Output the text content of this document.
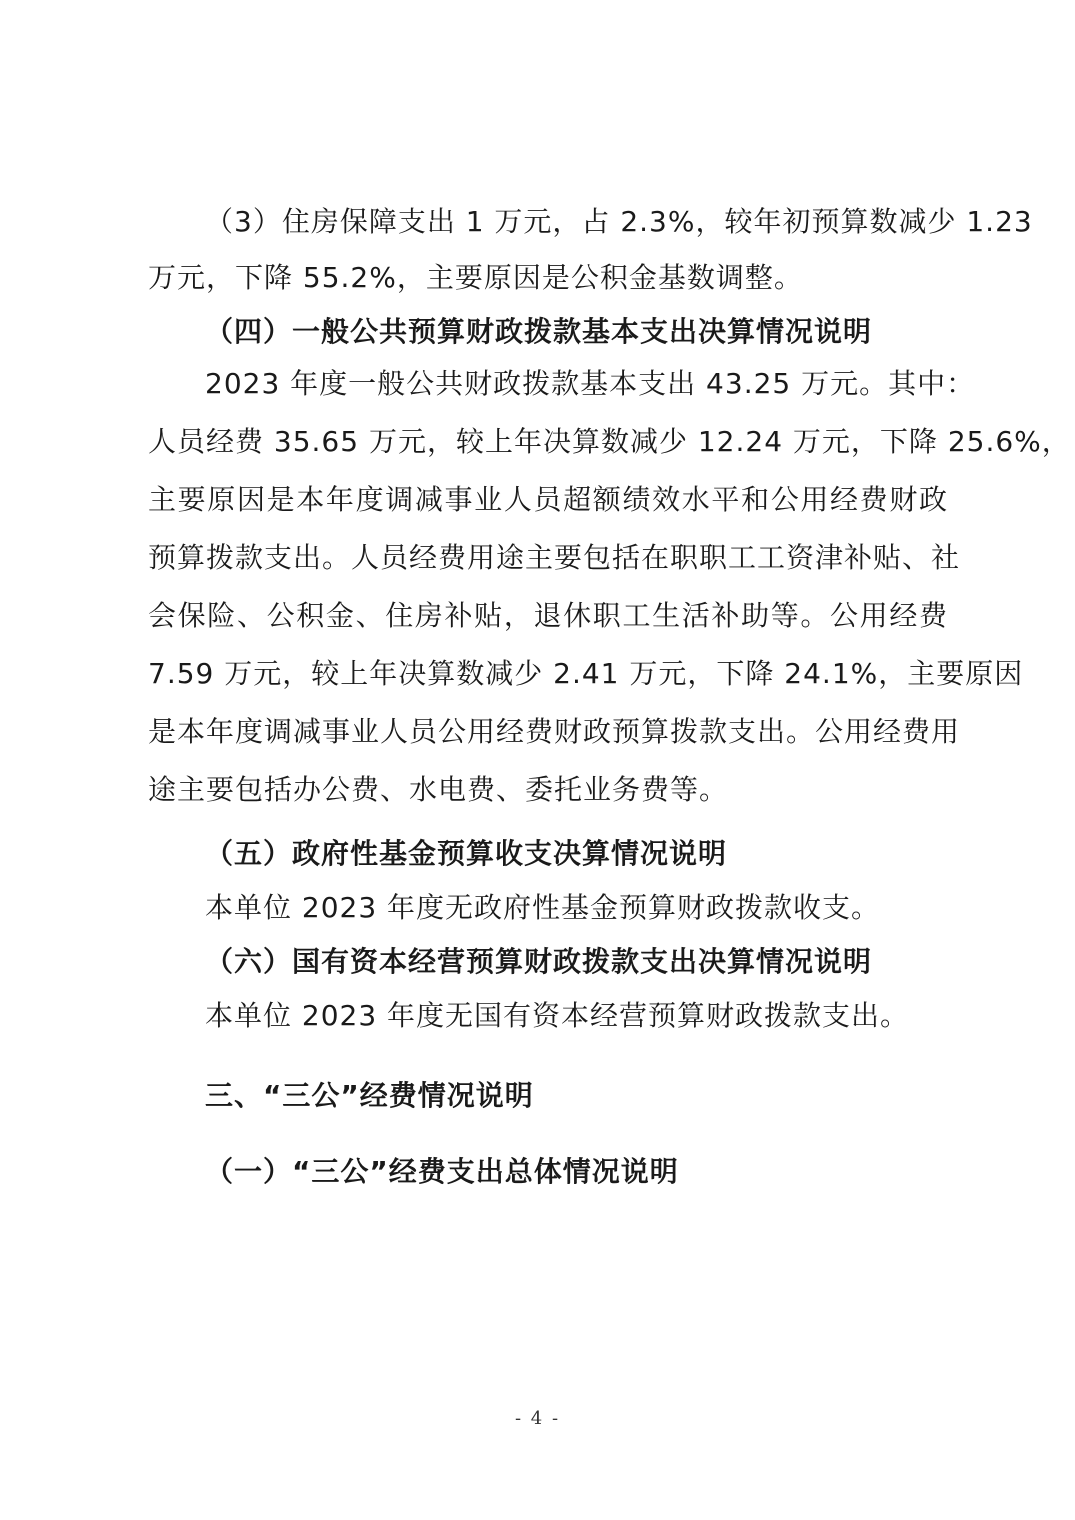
（3）住房保障支出 1 万元，占 2.3%，较年初预算数减少 1.23
万元，下降 55.2%，主要原因是公积金基数调整。
（四）一般公共预算财政拨款基本支出决算情况说明
2023 年度一般公共财政拨款基本支出 43.25 万元。其中：
人员经费 35.65 万元，较上年决算数减少 12.24 万元，下降 25.6%，
主要原因是本年度调减事业人员超额绩效水平和公用经费财政
预算拨款支出。人员经费用途主要包括在职职工工资津补贴、社
会保险、公积金、住房补贴，退休职工生活补助等。公用经费
7.59 万元，较上年决算数减少 2.41 万元，下降 24.1%，主要原因
是本年度调减事业人员公用经费财政预算拨款支出。公用经费用
途主要包括办公费、水电费、委托业务费等。
（五）政府性基金预算收支决算情况说明
本单位 2023 年度无政府性基金预算财政拨款收支。
（六）国有资本经营预算财政拨款支出决算情况说明
本单位 2023 年度无国有资本经营预算财政拨款支出。
三、“三公”经费情况说明
（一）“三公”经费支出总体情况说明
- 4 -
